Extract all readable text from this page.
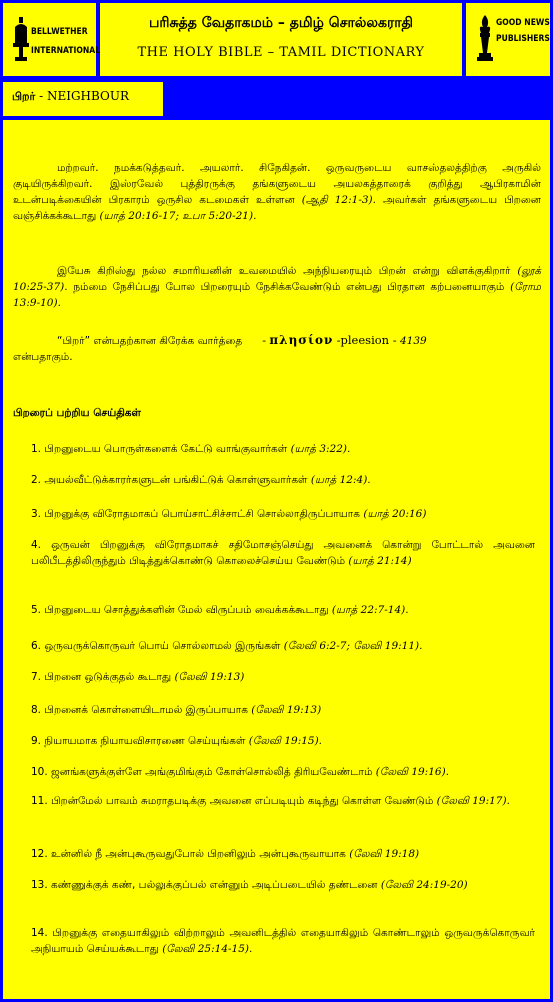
BELLWETHER
INTERNATIONAL
பரிசுத்த வேதாகமம் – தமிழ் சொல்லகராதி
THE HOLY BIBLE – TAMIL DICTIONARY
GOOD NEWS
PUBLISHERS
பிறர் - NEIGHBOUR
மற்றவர். நமக்கடுத்தவர். அயலார். சிநேகிதன். ஒருவருடைய வாசஸ்தலத்திற்கு அருகில் குடியிருக்கிறவர். இஸ்ரவேல் புத்திரருக்கு தங்களுடைய அயலகத்தாரைக் குறித்து ஆபிரகாமின் உடன்படிக்கையின் பிரகாரம் ஒருசில கடமைகள் உள்ளன (ஆதி 12:1-3). அவர்கள் தங்களுடைய பிறனை வஞ்சிக்கக்கூடாது (யாத் 20:16-17; உபா 5:20-21).
இயேசு கிறிஸ்து நல்ல சமாரியனின் உவமையில் அந்நியரையும் பிறன் என்று விளக்குகிறார் (லூக் 10:25-37). நம்மை நேசிப்பது போல பிறரையும் நேசிக்கவேண்டும் என்பது பிரதான கற்பனையாகும் (ரோம 13:9-10).
“பிறர்” என்பதற்கான கிரேக்க வார்த்தை      - πλησίον -pleesion - 4139
என்பதாகும்.
பிறரைப் பற்றிய செய்திகள்
1. பிறனுடைய பொருள்களைக் கேட்டு வாங்குவார்கள் (யாத் 3:22).
2. அயல்வீட்டுக்காரர்களுடன் பங்கிட்டுக் கொள்ளுவார்கள் (யாத் 12:4).
3. பிறனுக்கு விரோதமாகப் பொய்சாட்சிச்சாட்சி சொல்லாதிருப்பாயாக (யாத் 20:16)
4. ஒருவன் பிறனுக்கு விரோதமாகச் சதிமோசஞ்செய்து அவனைக் கொன்று போட்டால் அவனை பலிபீடத்திலிருந்தும் பிடித்துக்கொண்டு கொலைச்செய்ய வேண்டும் (யாத் 21:14)
5. பிறனுடைய சொத்துக்களின் மேல் விருப்பம் வைக்கக்கூடாது (யாத் 22:7-14).
6. ஒருவருக்கொருவர் பொய் சொல்லாமல் இருங்கள் (லேவி 6:2-7; லேவி 19:11).
7. பிறனை ஒடுக்குதல் கூடாது (லேவி 19:13)
8. பிறனைக் கொள்ளையிடாமல் இருப்பாயாக (லேவி 19:13)
9. நியாயமாக நியாயவிசாரணை செய்யுங்கள் (லேவி 19:15).
10. ஜனங்களுக்குள்ளே அங்குமிங்கும் கோள்சொல்லித் திரியவேண்டாம் (லேவி 19:16).
11. பிறன்மேல் பாவம் சுமராதபடிக்கு அவனை எப்படியும் கடிந்து கொள்ள வேண்டும் (லேவி 19:17).
12. உன்னில் நீ அன்புகூருவதுபோல் பிறனிலும் அன்புகூருவாயாக (லேவி 19:18)
13. கண்ணுக்குக் கண், பல்லுக்குப்பல் என்னும் அடிப்படையில் தண்டனை (லேவி 24:19-20)
14. பிறனுக்கு எதையாகிலும் விற்றாலும் அவனிடத்தில் எதையாகிலும் கொண்டாலும் ஒருவருக்கொருவர் அநியாயம் செய்யக்கூடாது (லேவி 25:14-15).
